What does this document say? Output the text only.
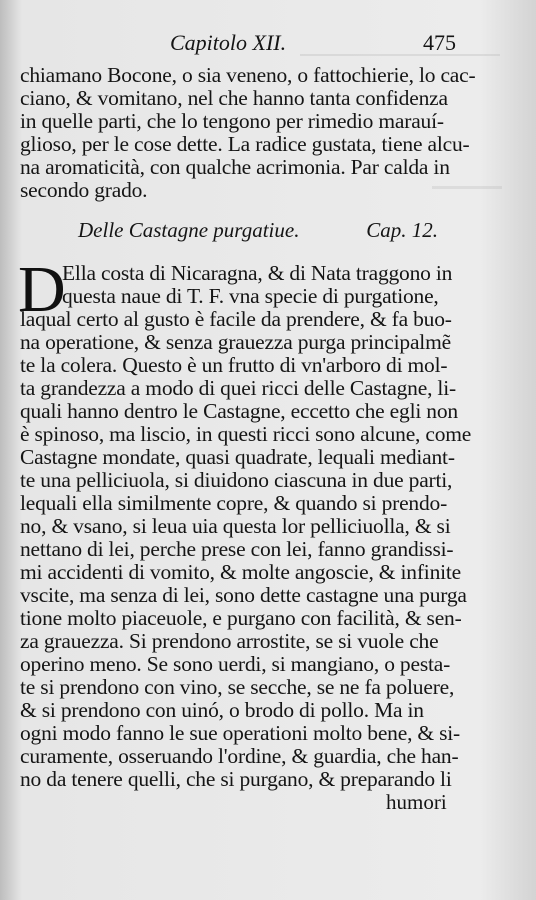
Capitolo XII.	475
chiamano Bocone, o sia veneno, o fattochierie, lo cac-
ciano, & vomitano, nel che hanno tanta confidenza
in quelle parti, che lo tengono per rimedio marauí-
glioso, per le cose dette. La radice gustata, tiene alcu-
na aromaticità, con qualche acrimonia. Par calda in
secondo grado.
Delle Castagne purgatiue.	Cap. 12.
D
Ella costa di Nicaragna, & di Nata traggono in
questa naue di T. F. vna specie di purgatione,
laqual certo al gusto è facile da prendere, & fa buo-
na operatione, & senza grauezza purga principalmẽ
te la colera. Questo è un frutto di vn'arboro di mol-
ta grandezza a modo di quei ricci delle Castagne, li-
quali hanno dentro le Castagne, eccetto che egli non
è spinoso, ma liscio, in questi ricci sono alcune, come
Castagne mondate, quasi quadrate, lequali mediant-
te una pelliciuola, si diuidono ciascuna in due parti,
lequali ella similmente copre, & quando si prendo-
no, & vsano, si leua uia questa lor pelliciuolla, & si
nettano di lei, perche prese con lei, fanno grandissi-
mi accidenti di vomito, & molte angoscie, & infinite
vscite, ma senza di lei, sono dette castagne una purga
tione molto piaceuole, e purgano con facilità, & sen-
za grauezza. Si prendono arrostite, se si vuole che
operino meno. Se sono uerdi, si mangiano, o pesta-
te si prendono con vino, se secche, se ne fa poluere,
& si prendono con uinó, o brodo di pollo. Ma in
ogni modo fanno le sue operationi molto bene, & si-
curamente, osseruando l'ordine, & guardia, che han-
no da tenere quelli, che si purgano, & preparando li
humori
